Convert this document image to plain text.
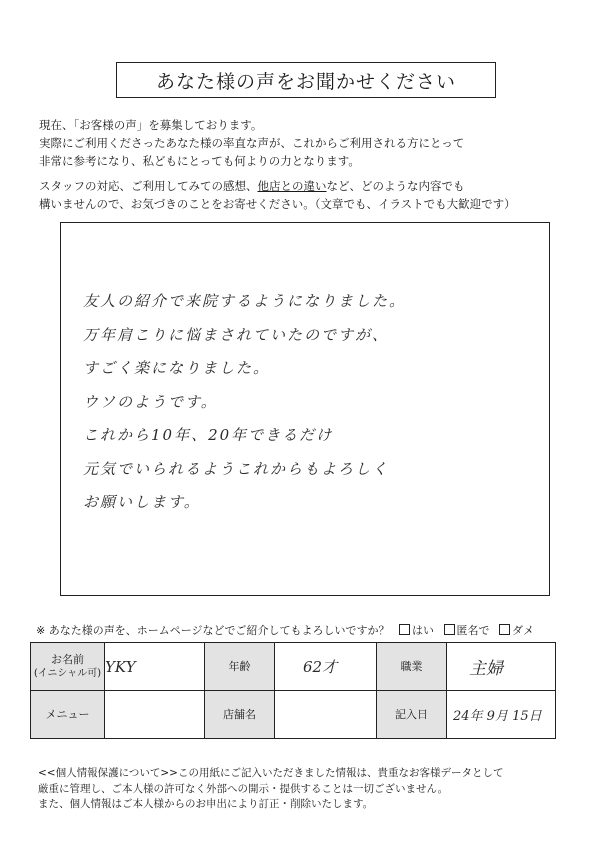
あなた様の声をお聞かせください

現在、「お客様の声」を募集しております。

実際にご利用くださったあなた様の率直な声が、これからご利用される方にとって

非常に参考になり、私どもにとっても何よりの力となります。

スタッフの対応、ご利用してみての感想、他店との違いなど、どのような内容でも

構いませんので、お気づきのことをお寄せください。（文章でも、イラストでも大歓迎です）

友人の紹介で来院するようになりました。
万年肩こりに悩まされていたのですが、
すごく楽になりました。
ウソのようです。
これから10年、20年できるだけ
元気でいられるようこれからもよろしく
お願いします。
※ あなた様の声を、ホームページなどでご紹介してもよろしいですか？ はい 匿名で ダメ
お名前
(イニシャル可)	YKY	年齢	62才	職業	主婦
メニュー		店舗名		記入日	24年 9月 15日

<<個人情報保護について>>この用紙にご記入いただきました情報は、貴重なお客様データとして

厳重に管理し、ご本人様の許可なく外部への開示・提供することは一切ございません。

また、個人情報はご本人様からのお申出により訂正・削除いたします。
